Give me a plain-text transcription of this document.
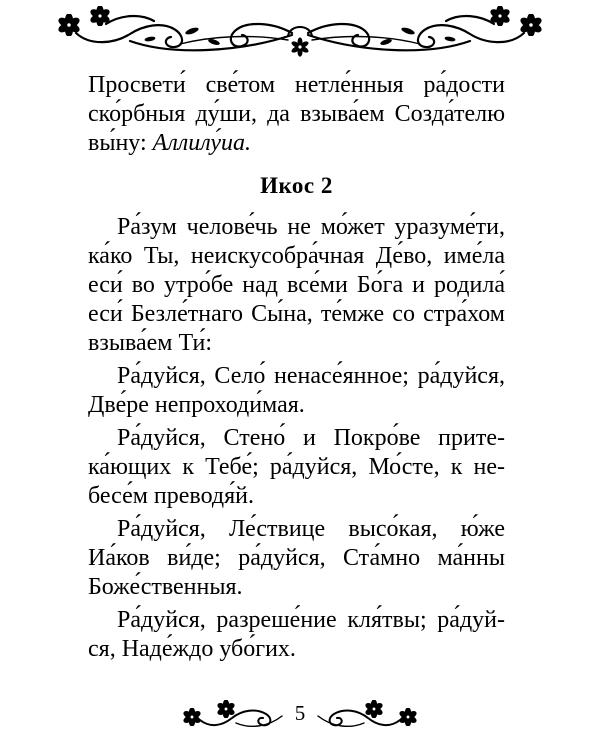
Просвети́ све́том нетле́нныя ра́дости
ско́рбныя ду́ши, да взыва́ем Созда́телю
вы́ну: Аллилу́иа.
Икос 2
Ра́зум челове́чь не мо́жет уразуме́ти,
ка́ко Ты, неискусобра́чная Де́во, име́ла
еси́ во утро́бе над все́ми Бо́га и родила́
еси́ Безле́тнаго Сы́на, те́мже со стра́хом
взыва́ем Ти́:
Ра́дуйся, Село́ ненасе́янное; ра́дуйся,
Две́ре непроходи́мая.
Ра́дуйся, Стено́ и Покро́ве прите-
ка́ющих к Тебе́; ра́дуйся, Мо́сте, к не-
бесе́м преводя́й.
Ра́дуйся, Ле́ствице высо́кая, ю́же
Иа́ков ви́де; ра́дуйся, Ста́мно ма́нны
Боже́ственныя.
Ра́дуйся, разреше́ние кля́твы; ра́дуй-
ся, Наде́ждо убо́гих.
5
